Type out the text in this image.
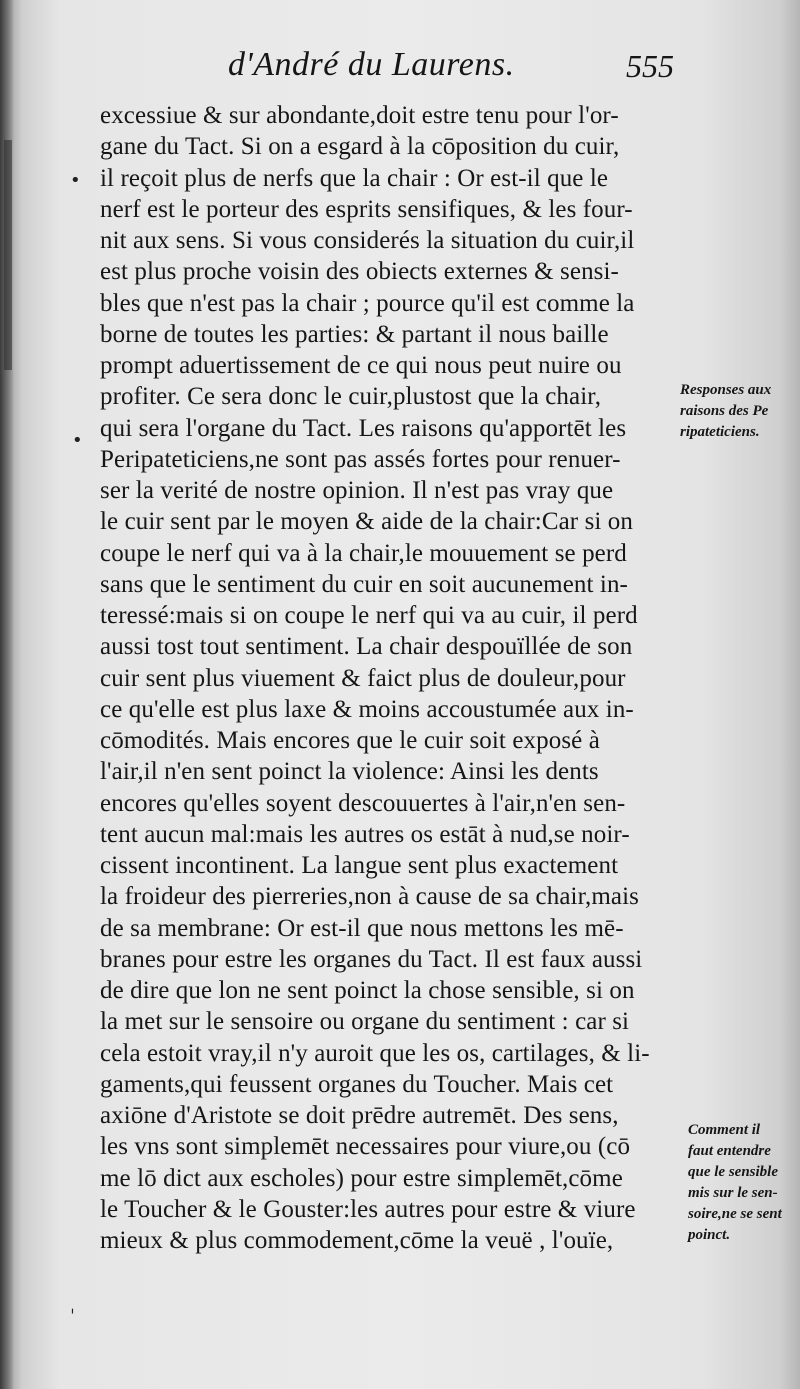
d'André du Laurens.	555
excessiue & sur abondante,doit estre tenu pour l'or-
gane du Tact. Si on a esgard à la cōposition du cuir,
il reçoit plus de nerfs que la chair : Or est-il que le
nerf est le porteur des esprits sensifiques, & les four-
nit aux sens. Si vous considerés la situation du cuir,il
est plus proche voisin des obiects externes & sensi-
bles que n'est pas la chair ; pource qu'il est comme la
borne de toutes les parties: & partant il nous baille
prompt aduertissement de ce qui nous peut nuire ou
profiter. Ce sera donc le cuir,plustost que la chair,
qui sera l'organe du Tact. Les raisons qu'apportēt les
Peripateticiens,ne sont pas assés fortes pour renuer-
ser la verité de nostre opinion. Il n'est pas vray que
le cuir sent par le moyen & aide de la chair:Car si on
coupe le nerf qui va à la chair,le mouuement se perd
sans que le sentiment du cuir en soit aucunement in-
teressé:mais si on coupe le nerf qui va au cuir, il perd
aussi tost tout sentiment. La chair despouïllée de son
cuir sent plus viuement & faict plus de douleur,pour
ce qu'elle est plus laxe & moins accoustumée aux in-
cōmodités. Mais encores que le cuir soit exposé à
l'air,il n'en sent poinct la violence: Ainsi les dents
encores qu'elles soyent descouuertes à l'air,n'en sen-
tent aucun mal:mais les autres os estāt à nud,se noir-
cissent incontinent. La langue sent plus exactement
la froideur des pierreries,non à cause de sa chair,mais
de sa membrane: Or est-il que nous mettons les mē-
branes pour estre les organes du Tact. Il est faux aussi
de dire que lon ne sent poinct la chose sensible, si on
la met sur le sensoire ou organe du sentiment : car si
cela estoit vray,il n'y auroit que les os, cartilages, & li-
gaments,qui feussent organes du Toucher. Mais cet
axiōne d'Aristote se doit prēdre autremēt. Des sens,
les vns sont simplemēt necessaires pour viure,ou (cō
me lō dict aux escholes) pour estre simplemēt,cōme
le Toucher & le Gouster:les autres pour estre & viure
mieux & plus commodement,cōme la veuë , l'ouïe,
Responses aux
raisons des Pe
ripateticiens.
Comment il
faut entendre
que le sensible
mis sur le sen-
soire,ne se sent
poinct.
•
•
ˌ
